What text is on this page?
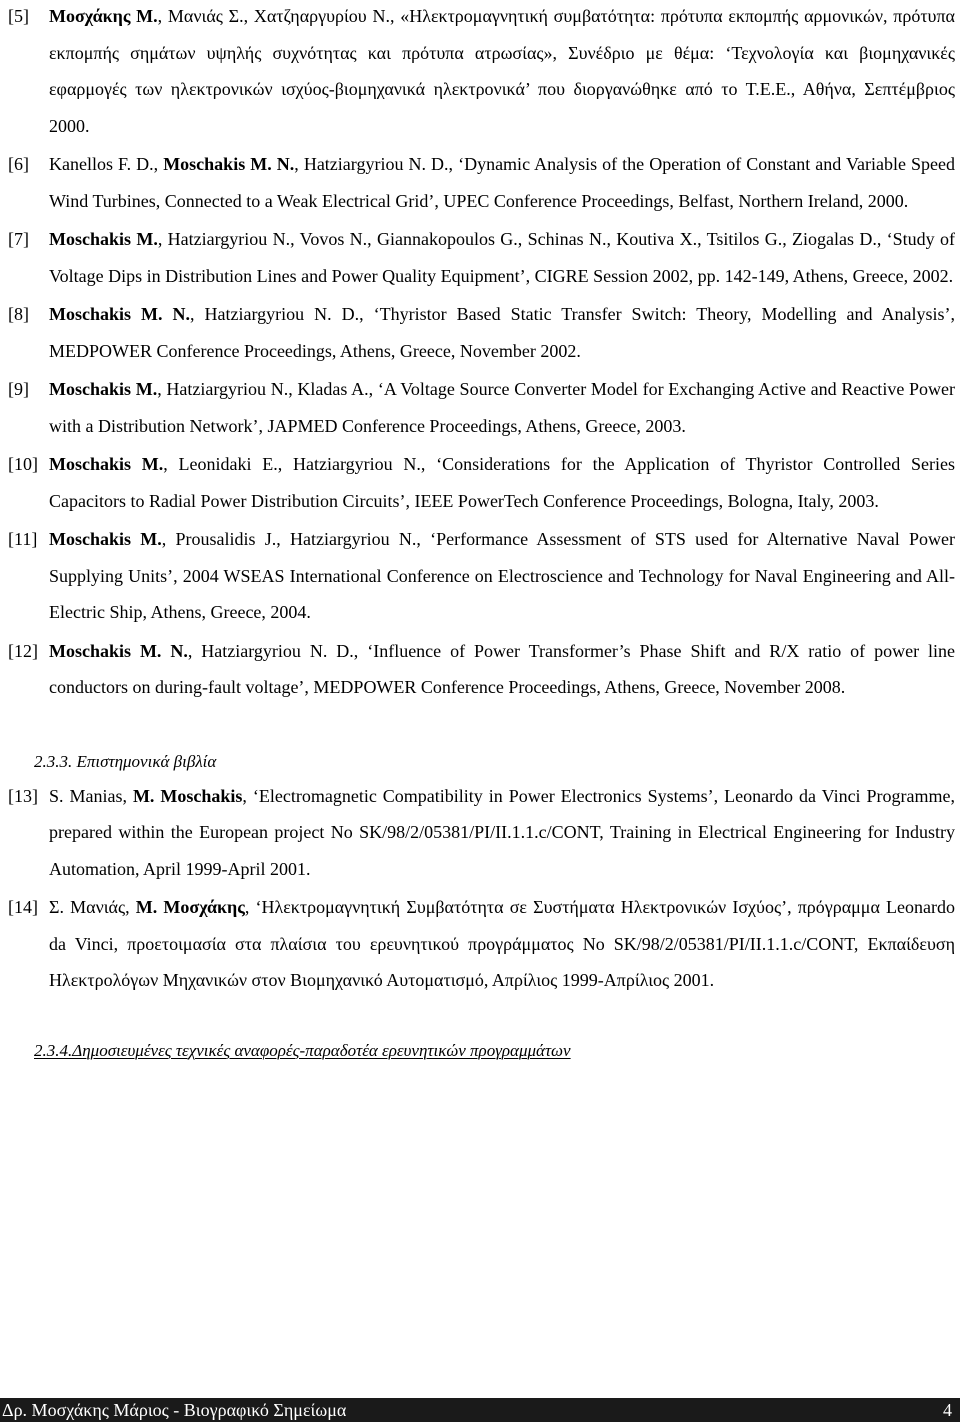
[5] Μοσχάκης Μ., Μανιάς Σ., Χατζηαργυρίου Ν., «Ηλεκτρομαγνητική συμβατότητα: πρότυπα εκπομπής αρμονικών, πρότυπα εκπομπής σημάτων υψηλής συχνότητας και πρότυπα ατρωσίας», Συνέδριο με θέμα: ‘Τεχνολογία και βιομηχανικές εφαρμογές των ηλεκτρονικών ισχύος-βιομηχανικά ηλεκτρονικά’ που διοργανώθηκε από το Τ.Ε.Ε., Αθήνα, Σεπτέμβριος 2000.
[6] Kanellos F. D., Moschakis M. N., Hatziargyriou N. D., ‘Dynamic Analysis of the Operation of Constant and Variable Speed Wind Turbines, Connected to a Weak Electrical Grid’, UPEC Conference Proceedings, Belfast, Northern Ireland, 2000.
[7] Moschakis M., Hatziargyriou N., Vovos N., Giannakopoulos G., Schinas N., Koutiva X., Tsitilos G., Ziogalas D., ‘Study of Voltage Dips in Distribution Lines and Power Quality Equipment’, CIGRE Session 2002, pp. 142-149, Athens, Greece, 2002.
[8] Moschakis M. N., Hatziargyriou N. D., ‘Thyristor Based Static Transfer Switch: Theory, Modelling and Analysis’, MEDPOWER Conference Proceedings, Athens, Greece, November 2002.
[9] Moschakis M., Hatziargyriou N., Kladas A., ‘A Voltage Source Converter Model for Exchanging Active and Reactive Power with a Distribution Network’, JAPMED Conference Proceedings, Athens, Greece, 2003.
[10] Moschakis M., Leonidaki E., Hatziargyriou N., ‘Considerations for the Application of Thyristor Controlled Series Capacitors to Radial Power Distribution Circuits’, IEEE PowerTech Conference Proceedings, Bologna, Italy, 2003.
[11] Moschakis M., Prousalidis J., Hatziargyriou N., ‘Performance Assessment of STS used for Alternative Naval Power Supplying Units’, 2004 WSEAS International Conference on Electroscience and Technology for Naval Engineering and All-Electric Ship, Athens, Greece, 2004.
[12] Moschakis M. N., Hatziargyriou N. D., ‘Influence of Power Transformer’s Phase Shift and R/X ratio of power line conductors on during-fault voltage’, MEDPOWER Conference Proceedings, Athens, Greece, November 2008.
2.3.3. Επιστημονικά βιβλία
[13] S. Manias, M. Moschakis, ‘Electromagnetic Compatibility in Power Electronics Systems’, Leonardo da Vinci Programme, prepared within the European project No SK/98/2/05381/PI/II.1.1.c/CONT, Training in Electrical Engineering for Industry Automation, April 1999-April 2001.
[14] Σ. Μανιάς, Μ. Μοσχάκης, ‘Ηλεκτρομαγνητική Συμβατότητα σε Συστήματα Ηλεκτρονικών Ισχύος’, πρόγραμμα Leonardo da Vinci, προετοιμασία στα πλαίσια του ερευνητικού προγράμματος No SK/98/2/05381/PI/II.1.1.c/CONT, Εκπαίδευση Ηλεκτρολόγων Μηχανικών στον Βιομηχανικό Αυτοματισμό, Απρίλιος 1999-Απρίλιος 2001.
2.3.4.Δημοσιευμένες τεχνικές αναφορές-παραδοτέα ερευνητικών προγραμμάτων
Δρ. Μοσχάκης Μάριος - Βιογραφικό Σημείωμα	4
